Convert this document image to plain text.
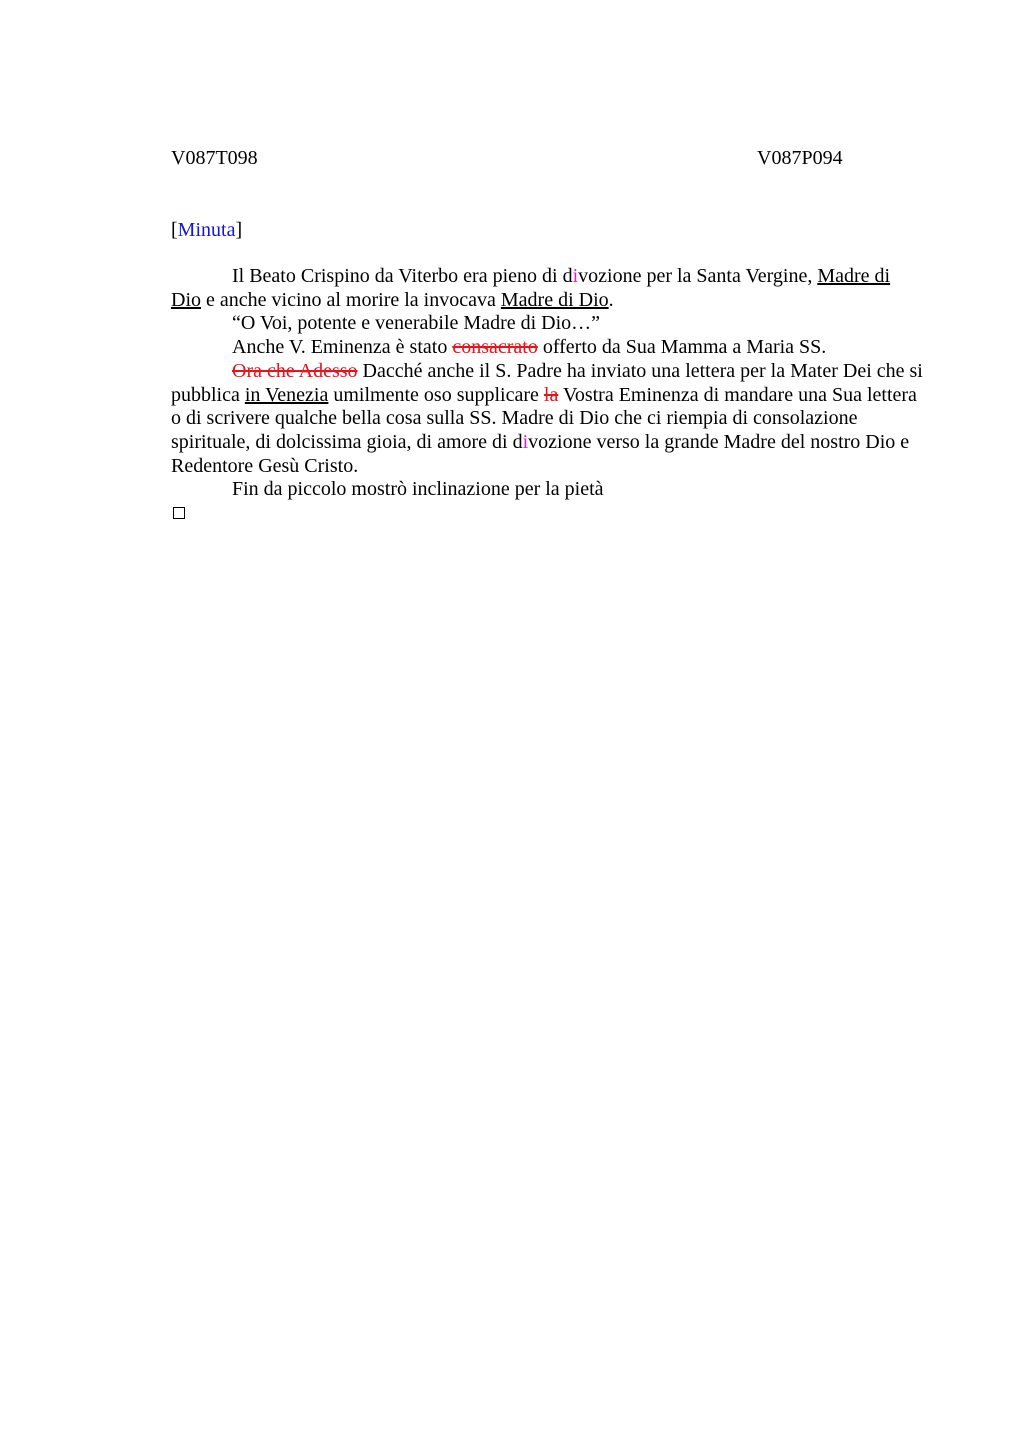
V087T098	V087P094
[Minuta]

Il Beato Crispino da Viterbo era pieno di divozione per la Santa Vergine, Madre di Dio e anche vicino al morire la invocava Madre di Dio.

“O Voi, potente e venerabile Madre di Dio…”

Anche V. Eminenza è stato consacrato offerto da Sua Mamma a Maria SS.

Ora che Adesso Dacché anche il S. Padre ha inviato una lettera per la Mater Dei che si pubblica in Venezia umilmente oso supplicare la Vostra Eminenza di mandare una Sua lettera o di scrivere qualche bella cosa sulla SS. Madre di Dio che ci riempia di consolazione spirituale, di dolcissima gioia, di amore di divozione verso la grande Madre del nostro Dio e Redentore Gesù Cristo.

Fin da piccolo mostrò inclinazione per la pietà
